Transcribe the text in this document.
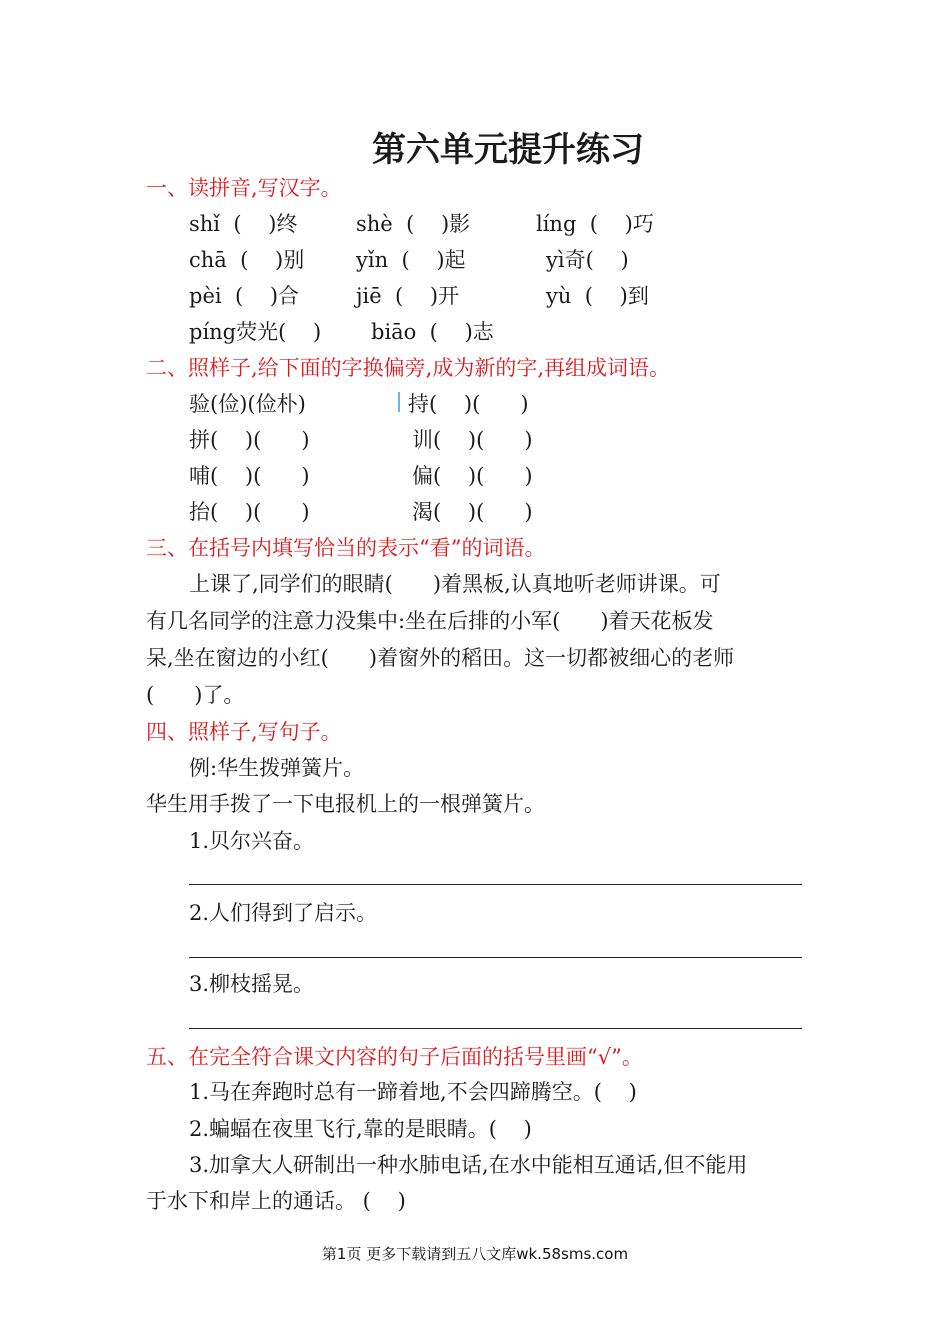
第六单元提升练习
一、读拼音,写汉字。
shǐ  (    )终	shè  (    )影	líng  (    )巧
chā  (    )别 yǐn  (    )起	yì奇(    )
pèi  (    )合	jiē  (    )开	yù  (    )到
píng荧光(    ) biāo  (    )志
二、照样子,给下面的字换偏旁,成为新的字,再组成词语。
验(俭)(俭朴)	持(    )(      )
拼(    )(      )	训(    )(      )
哺(    )(      )	偏(    )(      )
抬(    )(      )	渴(    )(      )
三、在括号内填写恰当的表示“看”的词语。
上课了,同学们的眼睛(      )着黑板,认真地听老师讲课。可
有几名同学的注意力没集中:坐在后排的小军(      )着天花板发
呆,坐在窗边的小红(      )着窗外的稻田。这一切都被细心的老师
(      )了。
四、照样子,写句子。
例:华生拨弹簧片。
华生用手拨了一下电报机上的一根弹簧片。
1.贝尔兴奋。
2.人们得到了启示。
3.柳枝摇晃。
五、在完全符合课文内容的句子后面的括号里画“√”。
1.马在奔跑时总有一蹄着地,不会四蹄腾空。(    )
2.蝙蝠在夜里飞行,靠的是眼睛。(    )
3.加拿大人研制出一种水肺电话,在水中能相互通话,但不能用
于水下和岸上的通话。 (    )
第1页 更多下载请到五八文库wk.58sms.com
